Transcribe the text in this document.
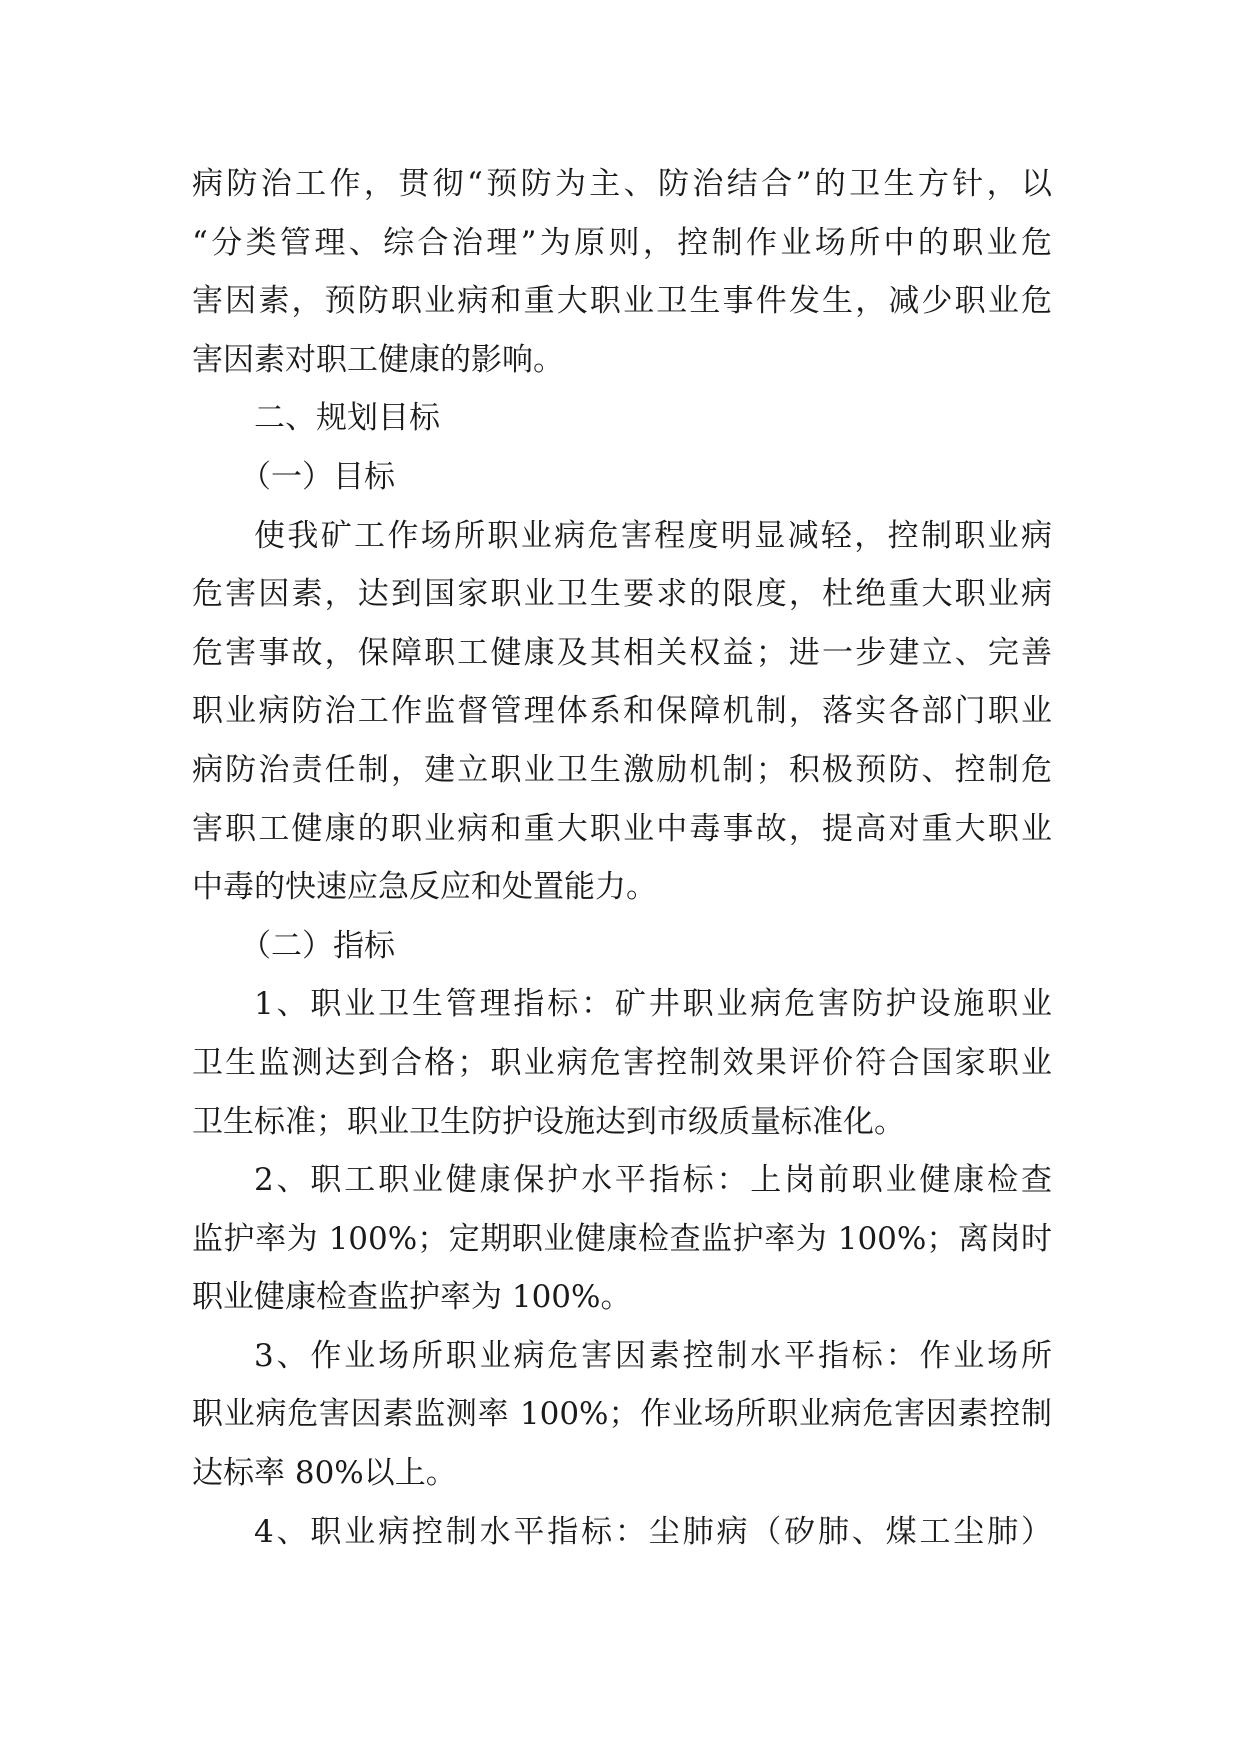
病防治工作，贯彻“预防为主、防治结合”的卫生方针，以
“分类管理、综合治理”为原则，控制作业场所中的职业危
害因素，预防职业病和重大职业卫生事件发生，减少职业危
害因素对职工健康的影响。
二、规划目标
（一）目标
使我矿工作场所职业病危害程度明显减轻，控制职业病
危害因素，达到国家职业卫生要求的限度，杜绝重大职业病
危害事故，保障职工健康及其相关权益；进一步建立、完善
职业病防治工作监督管理体系和保障机制，落实各部门职业
病防治责任制，建立职业卫生激励机制；积极预防、控制危
害职工健康的职业病和重大职业中毒事故，提高对重大职业
中毒的快速应急反应和处置能力。
（二）指标
1、职业卫生管理指标：矿井职业病危害防护设施职业
卫生监测达到合格；职业病危害控制效果评价符合国家职业
卫生标准；职业卫生防护设施达到市级质量标准化。
2、职工职业健康保护水平指标：上岗前职业健康检查
监护率为 100%；定期职业健康检查监护率为 100%；离岗时
职业健康检查监护率为 100%。
3、作业场所职业病危害因素控制水平指标：作业场所
职业病危害因素监测率 100%；作业场所职业病危害因素控制
达标率 80%以上。
4、职业病控制水平指标：尘肺病（矽肺、煤工尘肺）
